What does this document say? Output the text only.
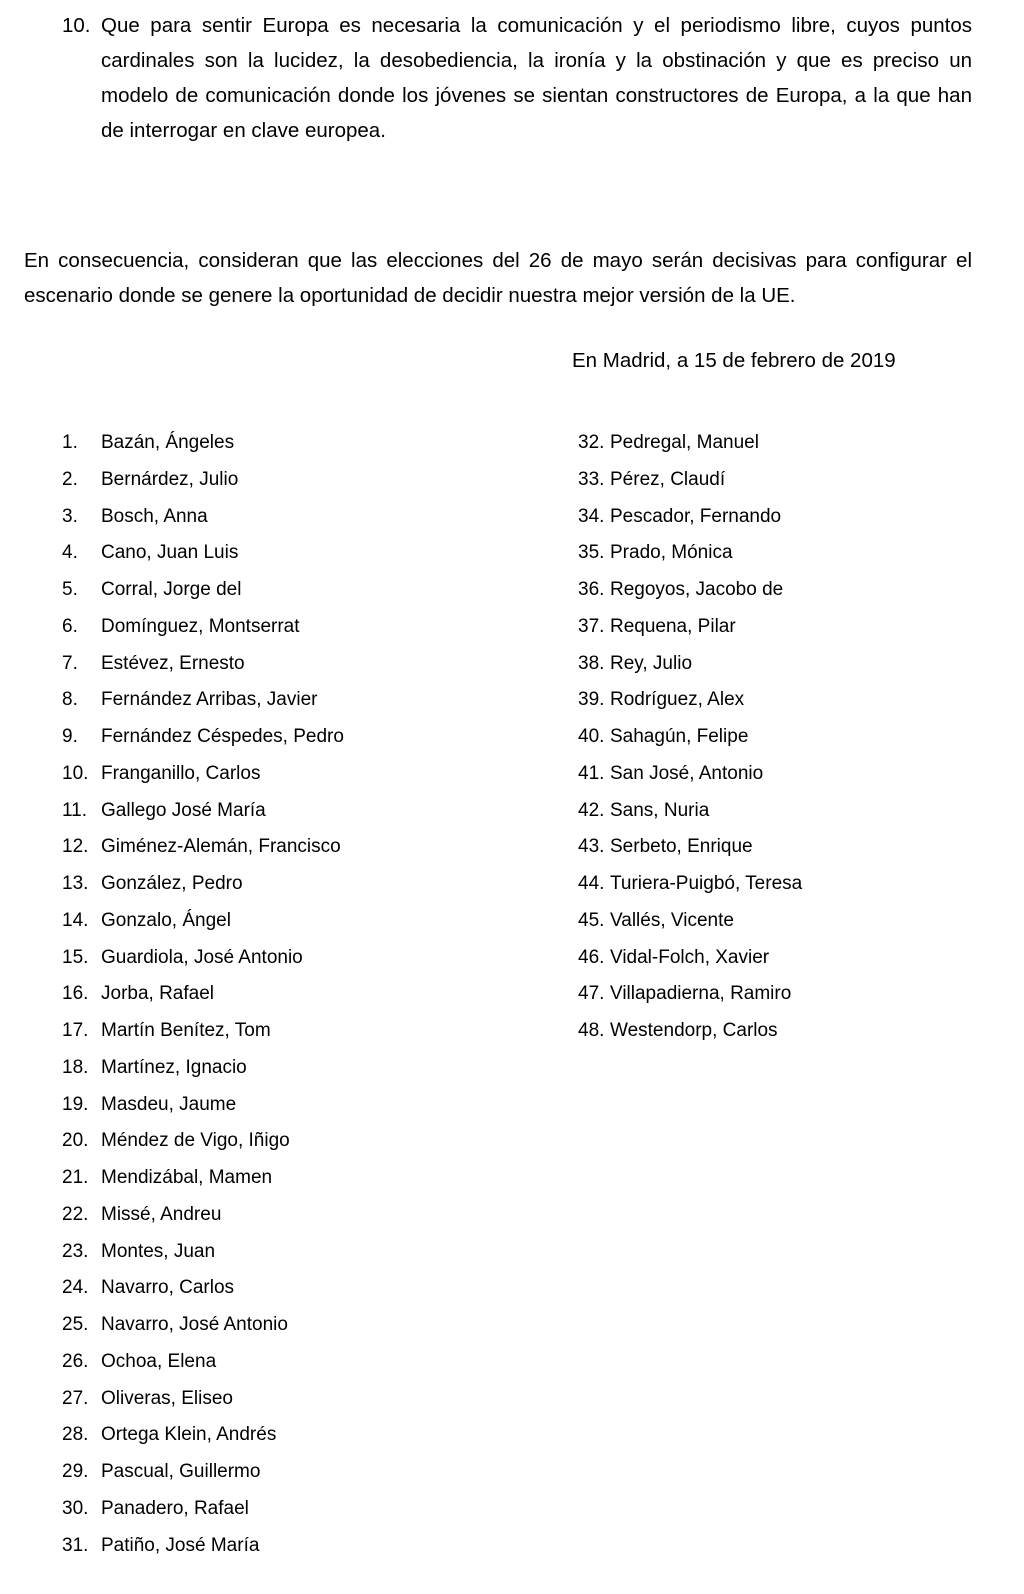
10. Que para sentir Europa es necesaria la comunicación y el periodismo libre, cuyos puntos cardinales son la lucidez, la desobediencia, la ironía y la obstinación y que es preciso un modelo de comunicación donde los jóvenes se sientan constructores de Europa, a la que han de interrogar en clave europea.

En consecuencia, consideran que las elecciones del 26 de mayo serán decisivas para configurar el escenario donde se genere la oportunidad de decidir nuestra mejor versión de la UE.

En Madrid, a 15 de febrero de 2019
1.	Bazán, Ángeles
2.	Bernárdez, Julio
3.	Bosch, Anna
4.	Cano, Juan Luis
5.	Corral, Jorge del
6.	Domínguez, Montserrat
7.	Estévez, Ernesto
8.	Fernández Arribas, Javier
9.	Fernández Céspedes, Pedro
10. Franganillo, Carlos
11. Gallego José María
12. Giménez-Alemán, Francisco
13. González, Pedro
14. Gonzalo, Ángel
15. Guardiola, José Antonio
16. Jorba, Rafael
17. Martín Benítez, Tom
18. Martínez, Ignacio
19. Masdeu, Jaume
20. Méndez de Vigo, Iñigo
21. Mendizábal, Mamen
22. Missé, Andreu
23. Montes, Juan
24. Navarro, Carlos
25. Navarro, José Antonio
26. Ochoa, Elena
27. Oliveras, Eliseo
28. Ortega Klein, Andrés
29. Pascual, Guillermo
30. Panadero, Rafael
31. Patiño, José María
32. Pedregal, Manuel
33. Pérez, Claudí
34. Pescador, Fernando
35. Prado, Mónica
36. Regoyos, Jacobo de
37. Requena, Pilar
38. Rey, Julio
39. Rodríguez, Alex
40. Sahagún, Felipe
41. San José, Antonio
42. Sans, Nuria
43. Serbeto, Enrique
44. Turiera-Puigbó, Teresa
45. Vallés, Vicente
46. Vidal-Folch, Xavier
47. Villapadierna, Ramiro
48. Westendorp, Carlos
